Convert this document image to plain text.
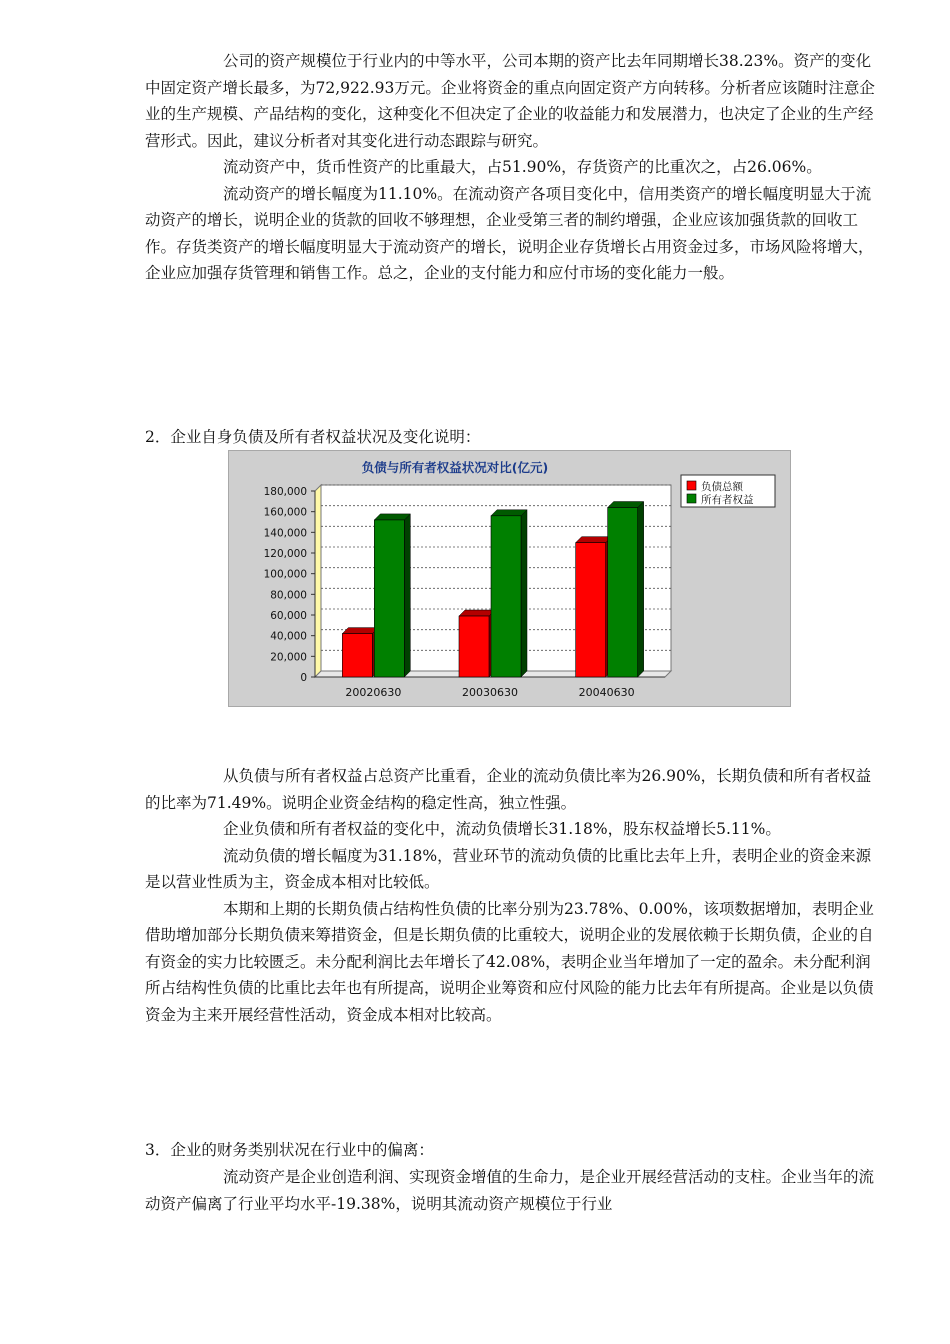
公司的资产规模位于行业内的中等水平，公司本期的资产比去年同期增长38.23%。资产的变化中固定资产增长最多，为72,922.93万元。企业将资金的重点向固定资产方向转移。分析者应该随时注意企业的生产规模、产品结构的变化，这种变化不但决定了企业的收益能力和发展潜力，也决定了企业的生产经营形式。因此，建议分析者对其变化进行动态跟踪与研究。

流动资产中，货币性资产的比重最大，占51.90%，存货资产的比重次之，占26.06%。

流动资产的增长幅度为11.10%。在流动资产各项目变化中，信用类资产的增长幅度明显大于流动资产的增长，说明企业的货款的回收不够理想，企业受第三者的制约增强，企业应该加强货款的回收工作。存货类资产的增长幅度明显大于流动资产的增长，说明企业存货增长占用资金过多，市场风险将增大，企业应加强存货管理和销售工作。总之，企业的支付能力和应付市场的变化能力一般。

2．企业自身负债及所有者权益状况及变化说明：
负债与所有者权益状况对比(亿元)
0
20,000
40,000
60,000
80,000
100,000
120,000
140,000
160,000
180,000
20020630	20030630	20040630
负债总额
所有者权益

从负债与所有者权益占总资产比重看，企业的流动负债比率为26.90%，长期负债和所有者权益的比率为71.49%。说明企业资金结构的稳定性高，独立性强。

企业负债和所有者权益的变化中，流动负债增长31.18%，股东权益增长5.11%。

流动负债的增长幅度为31.18%，营业环节的流动负债的比重比去年上升，表明企业的资金来源是以营业性质为主，资金成本相对比较低。

本期和上期的长期负债占结构性负债的比率分别为23.78%、0.00%，该项数据增加，表明企业借助增加部分长期负债来筹措资金，但是长期负债的比重较大，说明企业的发展依赖于长期负债，企业的自有资金的实力比较匮乏。未分配利润比去年增长了42.08%，表明企业当年增加了一定的盈余。未分配利润所占结构性负债的比重比去年也有所提高，说明企业筹资和应付风险的能力比去年有所提高。企业是以负债资金为主来开展经营性活动，资金成本相对比较高。

3．企业的财务类别状况在行业中的偏离：

流动资产是企业创造利润、实现资金增值的生命力，是企业开展经营活动的支柱。企业当年的流动资产偏离了行业平均水平-19.38%，说明其流动资产规模位于行业
